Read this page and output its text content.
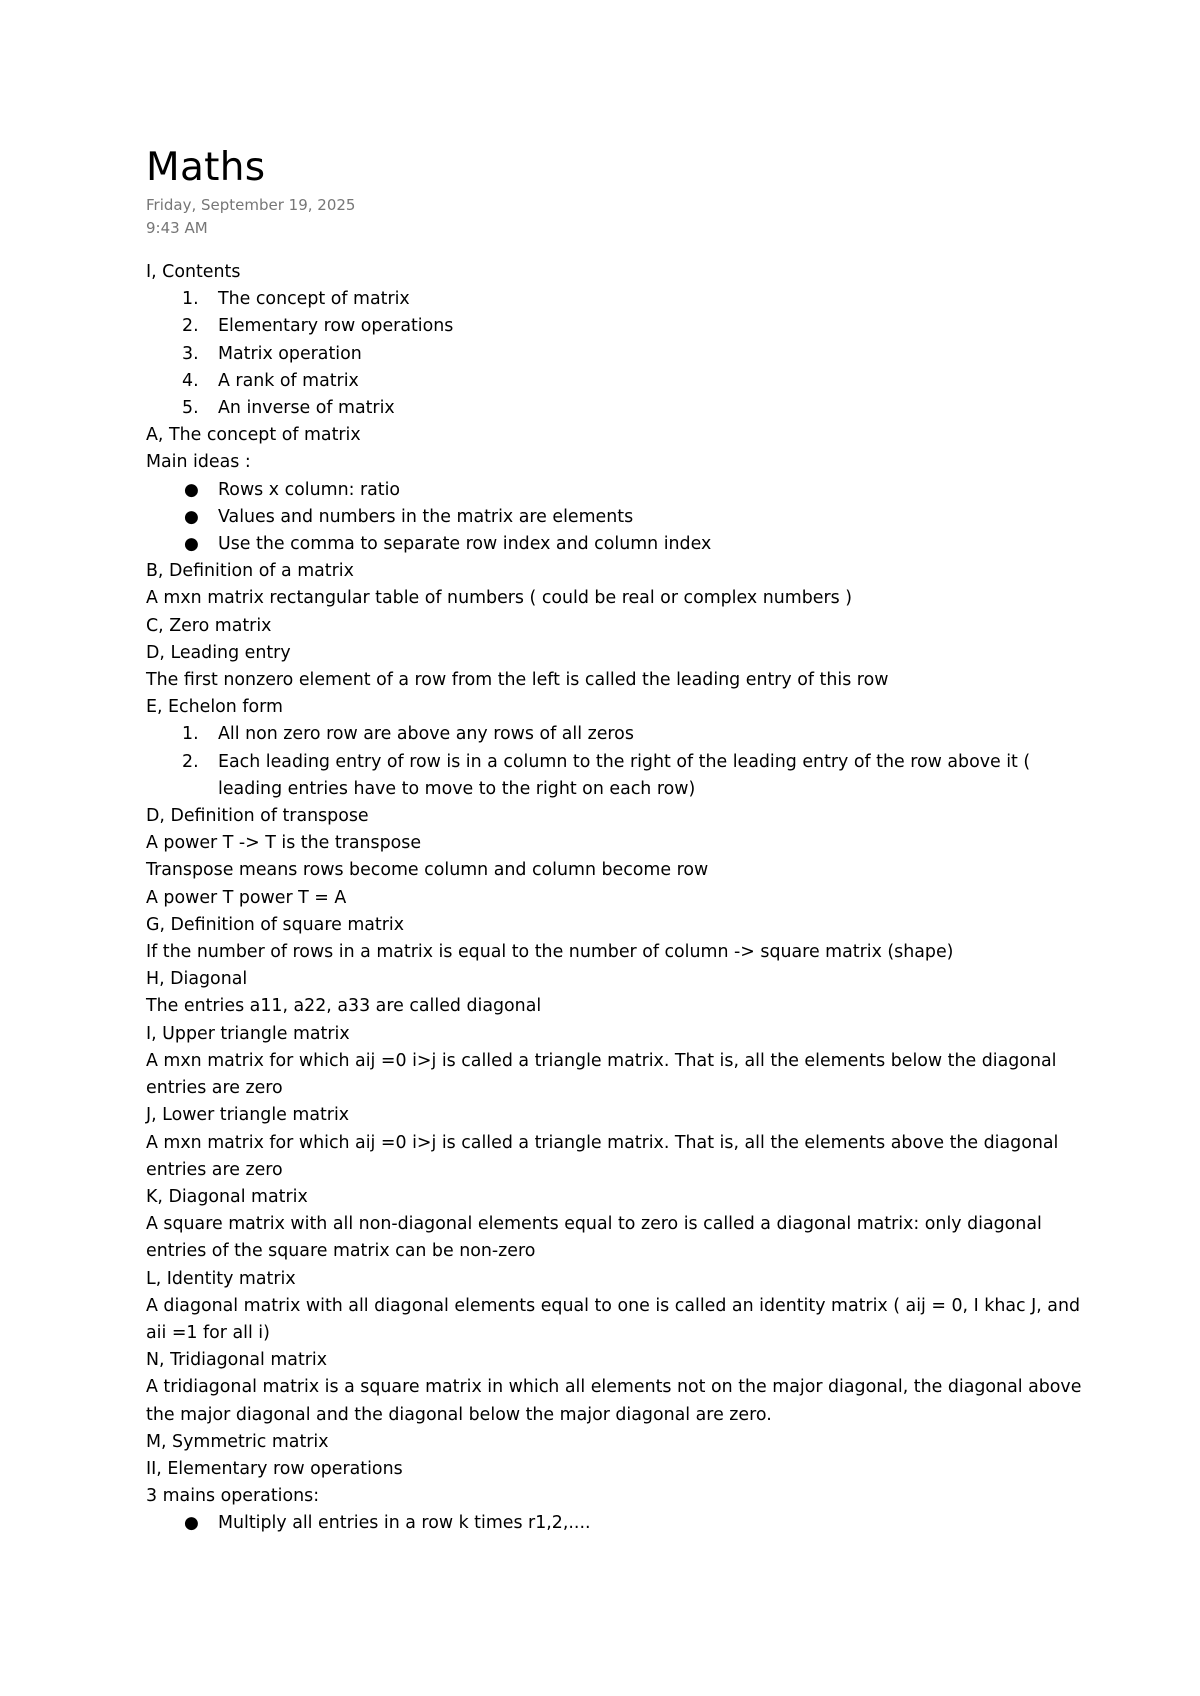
Maths
Friday, September 19, 2025
9:43 AM
I, Contents
1.	The concept of matrix
2.	Elementary row operations
3.	Matrix operation
4.	A rank of matrix
5.	An inverse of matrix
A, The concept of matrix
Main ideas :
● Rows x column: ratio
● Values and numbers in the matrix are elements
● Use the comma to separate row index and column index
B, Definition of a matrix
A mxn matrix rectangular table of numbers ( could be real or complex numbers )
C, Zero matrix
D, Leading entry
The first nonzero element of a row from the left is called the leading entry of this row
E, Echelon form
1.	All non zero row are above any rows of all zeros
2.	Each leading entry of row is in a column to the right of the leading entry of the row above it ( leading entries have to move to the right on each row)
D, Definition of transpose
A power T -> T is the transpose
Transpose means rows become column and column become row
A power T power T = A
G, Definition of square matrix
If the number of rows in a matrix is equal to the number of column -> square matrix (shape)
H, Diagonal
The entries a11, a22, a33 are called diagonal
I, Upper triangle matrix
A mxn matrix for which aij =0 i>j is called a triangle matrix. That is, all the elements below the diagonal entries are zero
J, Lower triangle matrix
A mxn matrix for which aij =0 i>j is called a triangle matrix. That is, all the elements above the diagonal entries are zero
K, Diagonal matrix
A square matrix with all non-diagonal elements equal to zero is called a diagonal matrix: only diagonal entries of the square matrix can be non-zero
L, Identity matrix
A diagonal matrix with all diagonal elements equal to one is called an identity matrix ( aij = 0, I khac J, and aii =1 for all i)
N, Tridiagonal matrix
A tridiagonal matrix is a square matrix in which all elements not on the major diagonal, the diagonal above the major diagonal and the diagonal below the major diagonal are zero.
M, Symmetric matrix
II, Elementary row operations
3 mains operations:
● Multiply all entries in a row k times r1,2,....
